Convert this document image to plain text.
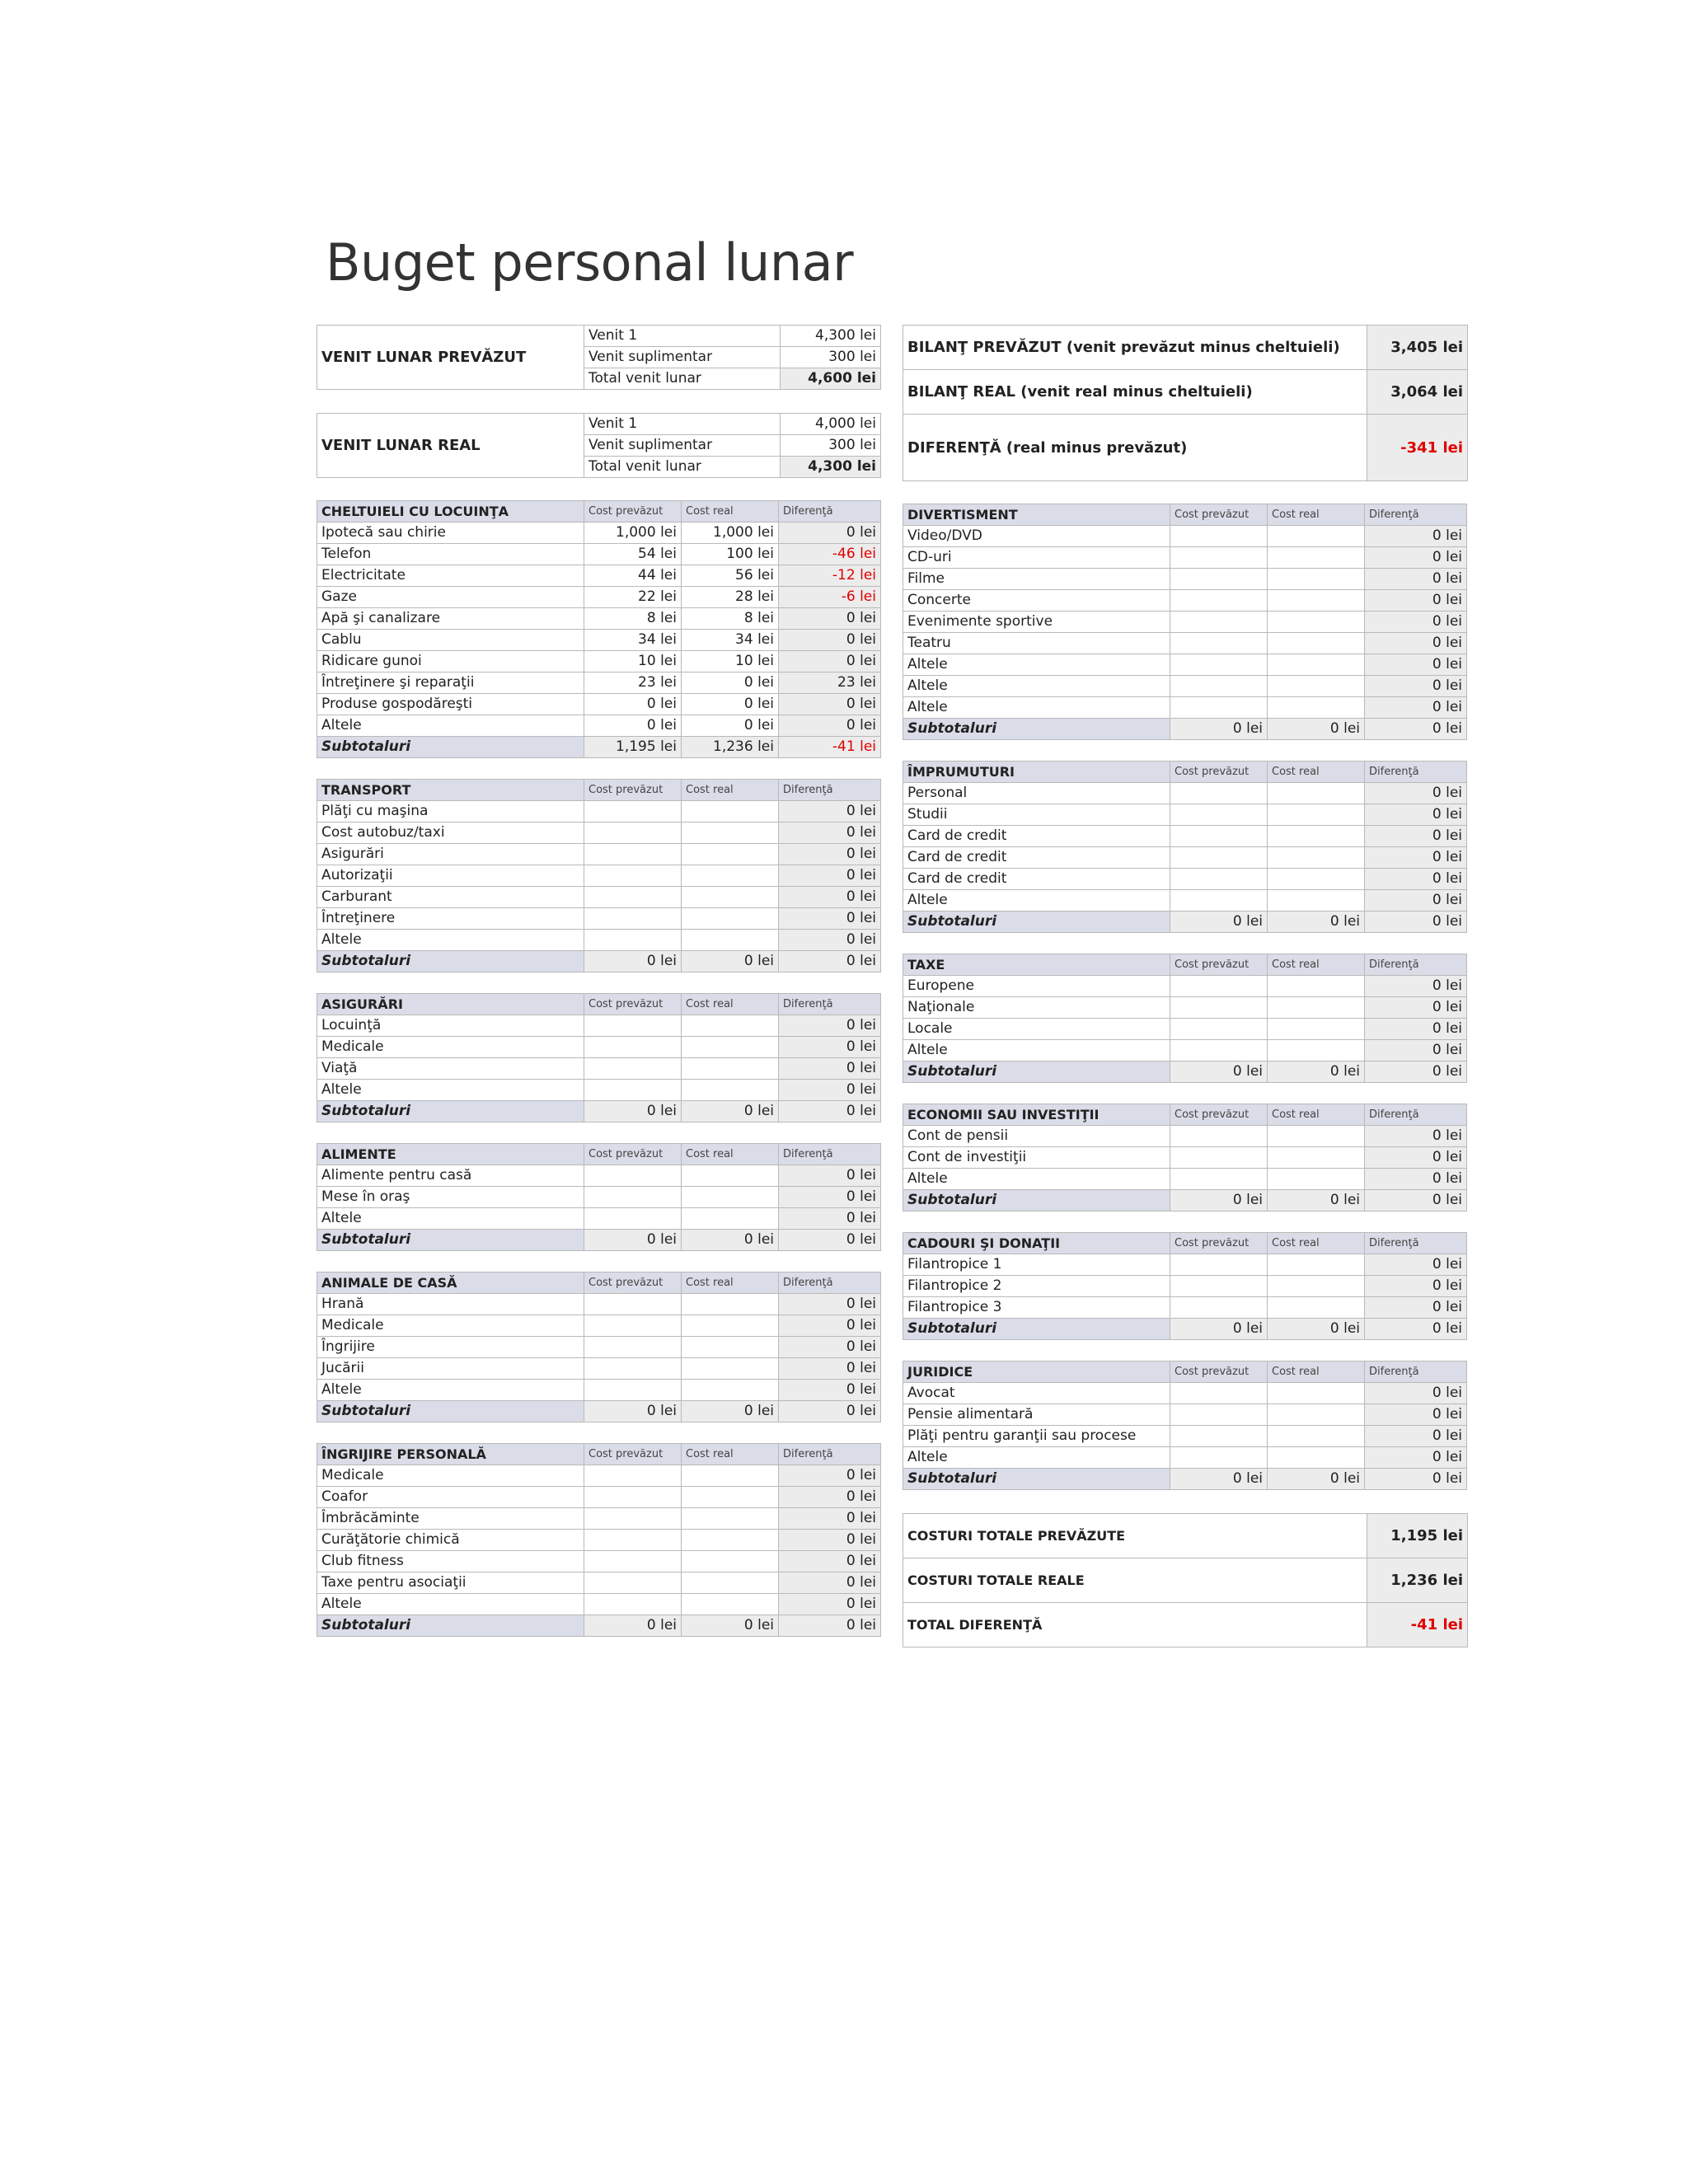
Buget personal lunar
VENIT LUNAR PREVĂZUT	Venit 1	4,300 lei
	Venit suplimentar	300 lei
	Total venit lunar	4,600 lei
VENIT LUNAR REAL	Venit 1	4,000 lei
	Venit suplimentar	300 lei
	Total venit lunar	4,300 lei
CHELTUIELI CU LOCUINŢA	Cost prevăzut	Cost real	Diferenţă
Ipotecă sau chirie	1,000 lei	1,000 lei	0 lei
Telefon	54 lei	100 lei	-46 lei
Electricitate	44 lei	56 lei	-12 lei
Gaze	22 lei	28 lei	-6 lei
Apă şi canalizare	8 lei	8 lei	0 lei
Cablu	34 lei	34 lei	0 lei
Ridicare gunoi	10 lei	10 lei	0 lei
Întreţinere şi reparaţii	23 lei	0 lei	23 lei
Produse gospodăreşti	0 lei	0 lei	0 lei
Altele	0 lei	0 lei	0 lei
Subtotaluri	1,195 lei	1,236 lei	-41 lei
TRANSPORT	Cost prevăzut	Cost real	Diferenţă
Plăţi cu maşina			0 lei
Cost autobuz/taxi			0 lei
Asigurări			0 lei
Autorizaţii			0 lei
Carburant			0 lei
Întreţinere			0 lei
Altele			0 lei
Subtotaluri	0 lei	0 lei	0 lei
ASIGURĂRI	Cost prevăzut	Cost real	Diferenţă
Locuinţă			0 lei
Medicale			0 lei
Viaţă			0 lei
Altele			0 lei
Subtotaluri	0 lei	0 lei	0 lei
ALIMENTE	Cost prevăzut	Cost real	Diferenţă
Alimente pentru casă			0 lei
Mese în oraş			0 lei
Altele			0 lei
Subtotaluri	0 lei	0 lei	0 lei
ANIMALE DE CASĂ	Cost prevăzut	Cost real	Diferenţă
Hrană			0 lei
Medicale			0 lei
Îngrijire			0 lei
Jucării			0 lei
Altele			0 lei
Subtotaluri	0 lei	0 lei	0 lei
ÎNGRIJIRE PERSONALĂ	Cost prevăzut	Cost real	Diferenţă
Medicale			0 lei
Coafor			0 lei
Îmbrăcăminte			0 lei
Curăţătorie chimică			0 lei
Club fitness			0 lei
Taxe pentru asociaţii			0 lei
Altele			0 lei
Subtotaluri	0 lei	0 lei	0 lei
BILANŢ PREVĂZUT (venit prevăzut minus cheltuieli)	3,405 lei
BILANŢ REAL (venit real minus cheltuieli)	3,064 lei
DIFERENŢĂ (real minus prevăzut)	-341 lei
DIVERTISMENT	Cost prevăzut	Cost real	Diferenţă
Video/DVD			0 lei
CD-uri			0 lei
Filme			0 lei
Concerte			0 lei
Evenimente sportive			0 lei
Teatru			0 lei
Altele			0 lei
Altele			0 lei
Altele			0 lei
Subtotaluri	0 lei	0 lei	0 lei
ÎMPRUMUTURI	Cost prevăzut	Cost real	Diferenţă
Personal			0 lei
Studii			0 lei
Card de credit			0 lei
Card de credit			0 lei
Card de credit			0 lei
Altele			0 lei
Subtotaluri	0 lei	0 lei	0 lei
TAXE	Cost prevăzut	Cost real	Diferenţă
Europene			0 lei
Naţionale			0 lei
Locale			0 lei
Altele			0 lei
Subtotaluri	0 lei	0 lei	0 lei
ECONOMII SAU INVESTIŢII	Cost prevăzut	Cost real	Diferenţă
Cont de pensii			0 lei
Cont de investiţii			0 lei
Altele			0 lei
Subtotaluri	0 lei	0 lei	0 lei
CADOURI ŞI DONAŢII	Cost prevăzut	Cost real	Diferenţă
Filantropice 1			0 lei
Filantropice 2			0 lei
Filantropice 3			0 lei
Subtotaluri	0 lei	0 lei	0 lei
JURIDICE	Cost prevăzut	Cost real	Diferenţă
Avocat			0 lei
Pensie alimentară			0 lei
Plăţi pentru garanţii sau procese			0 lei
Altele			0 lei
Subtotaluri	0 lei	0 lei	0 lei
COSTURI TOTALE PREVĂZUTE	1,195 lei
COSTURI TOTALE REALE	1,236 lei
TOTAL DIFERENŢĂ	-41 lei
